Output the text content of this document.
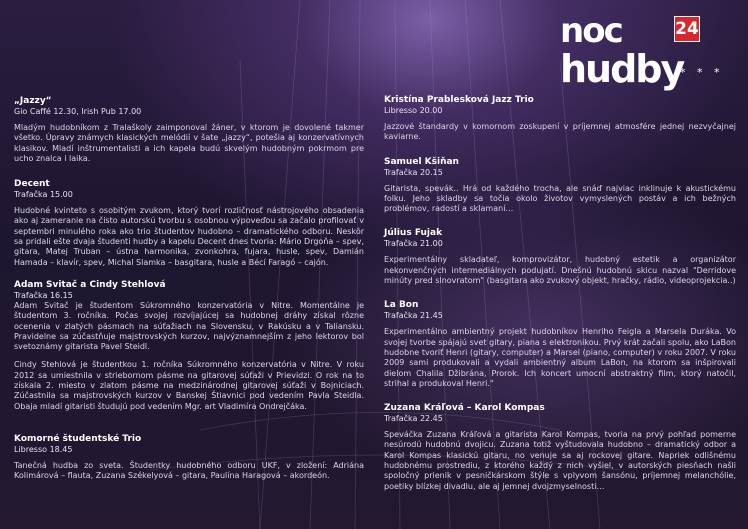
noc
hudby
24
* * *

„Jazzy“

Gio Caffé 12.30, Irish Pub 17.00

Mladým hudobníkom z Tralaškoly zaimponoval žáner, v ktorom je dovolené takmer všetko. Úpravy známych klasických melódií v šate „jazzy“, potešia aj konzervatívnych klasikov. Mladí inštrumentalisti a ich kapela budú skvelým hudobným pokrmom pre ucho znalca i laika.

Decent

Trafačka 15.00

Hudobné kvinteto s osobitým zvukom, ktorý tvorí rozličnosť nástrojového obsadenia ako aj zameranie na čisto autorskú tvorbu s osobnou výpoveďou sa začalo profilovať v septembri minulého roka ako trio študentov hudobno – dramatického odboru. Neskôr sa pridali ešte dvaja študenti hudby a kapelu Decent dnes tvoria: Mário Drgoňa – spev, gitara, Matej Truban – ústna harmonika, zvonkohra, fujara, husle, spev, Damián Hamada – klavír, spev, Michal Slamka – basgitara, husle a Bécí Faragó – cajón.

Adam Svitač a Cindy Stehlová

Trafačka 16.15

Adam Svitač je študentom Súkromného konzervatória v Nitre. Momentálne je študentom 3. ročníka. Počas svojej rozvíjajúcej sa hudobnej dráhy získal rôzne ocenenia v zlatých pásmach na súťažiach na Slovensku, v Rakúsku a v Taliansku. Pravidelne sa zúčastňuje majstrovských kurzov, najvýznamnejším z jeho lektorov bol svetoznámy gitarista Pavel Steidl.

Cindy Stehlová je študentkou 1. ročníka Súkromného konzervatória v Nitre. V roku 2012 sa umiestnila v striebornom pásme na gitarovej súťaži v Prievidzi. O rok na to získala 2. miesto v zlatom pásme na medzinárodnej gitarovej súťaži v Bojniciach. Zúčastnila sa majstrovských kurzov v Banskej Štiavnici pod vedením Pavla Steidla. Obaja mladí gitaristi študujú pod vedením Mgr. art Vladimíra Ondrejčáka.

Komorné študentské Trio

Libresso 18.45

Tanečná hudba zo sveta. Študentky hudobného odboru UKF, v zložení: Adriána Kolimárová – flauta, Zuzana Székelyová – gitara, Paulína Haragová – akordeón.

Kristína Prablesková Jazz Trio

Libresso 20.00

Jazzové štandardy v komornom zoskupení v príjemnej atmosfére jednej nezvyčajnej kaviarne.

Samuel Kšiňan

Trafačka 20.15

Gitarista, spevák.. Hrá od každého trocha, ale snáď najviac inklinuje k akustickému folku. Jeho skladby sa točia okolo životov vymyslených postáv a ich bežných problémov, radostí a sklamaní…

Július Fujak

Trafačka 21.00

Experimentálny skladateľ, komprovizátor, hudobný estetik a organizátor nekonvenčných intermediálnych podujatí. Dnešnú hudobnú skicu nazval "Derridove minúty pred slnovratom" (basgitara ako zvukový objekt, hračky, rádio, videoprojekcia..)

La Bon

Trafačka 21.45

Experimentálno ambientný projekt hudobníkov Henriho Feigla a Marsela Duráka. Vo svojej tvorbe spájajú svet gitary, piana s elektronikou. Prvý krát začali spolu, ako LaBon hudobne tvoriť Henri (gitary, computer) a Marsel (piano, computer) v roku 2007. V roku 2009 sami produkovali a vydali ambientný album LaBon, na ktorom sa inšpirovali dielom Chalila Džibrána, Prorok. Ich koncert umocní abstraktný film, ktorý natočil, strihal a produkoval Henri."

Zuzana Kráľová – Karol Kompas

Trafačka 22.45

Speváčka Zuzana Kráľová a gitarista Karol Kompas, tvoria na prvý pohľad pomerne nesúrodú hudobnú dvojicu. Zuzana totiž vyštudovala hudobno – dramatický odbor a Karol Kompas klasickú gitaru, no venuje sa aj rockovej gitare. Napriek odlišnému hudobnému prostrediu, z ktorého každý z nich vyšiel, v autorských piesňach našli spoločný prienik v pesničkárskom štýle s vplyvom šansónu, príjemnej melanchólie, poetiky blízkej divadlu, ale aj jemnej dvojzmyselnosti…
